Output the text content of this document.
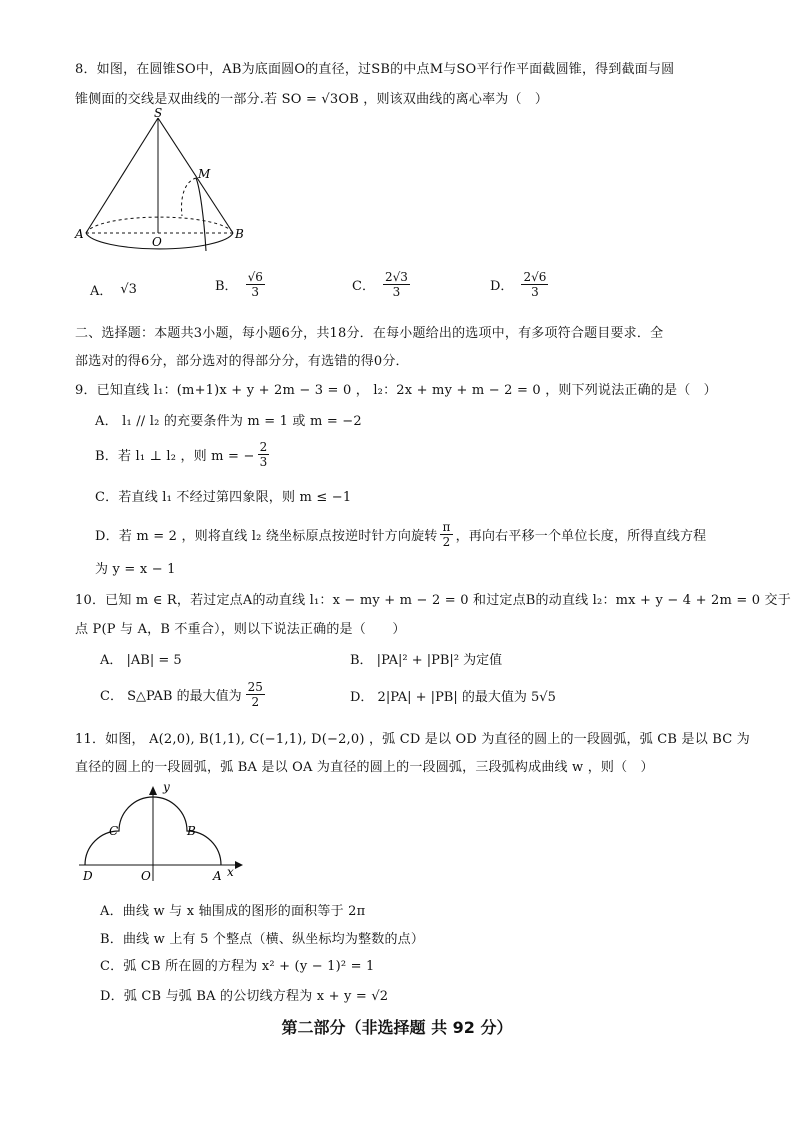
8．如图，在圆锥SO中，AB为底面圆O的直径，过SB的中点M与SO平行作平面截圆锥，得到截面与圆
锥侧面的交线是双曲线的一部分.若 SO = √3OB ，则该双曲线的离心率为（　）
S
M
A
O
B
A． √3	B． $\frac{√6}{3}$	C． $\frac{2√3}{3}$	D． $\frac{2√6}{3}$
二、选择题：本题共3小题，每小题6分，共18分．在每小题给出的选项中，有多项符合题目要求．全
部选对的得6分，部分选对的得部分分，有选错的得0分．
9．已知直线 l₁：(m+1)x + y + 2m − 3 = 0 ， l₂：2x + my + m − 2 = 0 ，则下列说法正确的是（　）
A． l₁ // l₂ 的充要条件为 m = 1 或 m = −2
B．若 l₁ ⊥ l₂ ，则 m = − $\frac{2}{3}$
C．若直线 l₁ 不经过第四象限，则 m ≤ −1
D．若 m = 2 ，则将直线 l₂ 绕坐标原点按逆时针方向旋转 $\frac{\pi}{2}$ ，再向右平移一个单位长度，所得直线方程
为 y = x − 1
10．已知 m ∈ R，若过定点A的动直线 l₁：x − my + m − 2 = 0 和过定点B的动直线 l₂：mx + y − 4 + 2m = 0 交于
点 P(P 与 A，B 不重合），则以下说法正确的是（　　）
A． |AB| = 5	B． |PA|² + |PB|² 为定值
C． S△PAB 的最大值为 $\frac{25}{2}$	D． 2|PA| + |PB| 的最大值为 5√5
11．如图， A(2,0), B(1,1), C(−1,1), D(−2,0) ，弧 CD 是以 OD 为直径的圆上的一段圆弧，弧 CB 是以 BC 为
直径的圆上的一段圆弧，弧 BA 是以 OA 为直径的圆上的一段圆弧，三段弧构成曲线 w ，则（　）
y
C	B
D	O	A x
A．曲线 w 与 x 轴围成的图形的面积等于 2π
B．曲线 w 上有 5 个整点（横、纵坐标均为整数的点）
C．弧 CB 所在圆的方程为 x² + (y − 1)² = 1
D．弧 CB 与弧 BA 的公切线方程为 x + y = √2
第二部分（非选择题 共 92 分）
